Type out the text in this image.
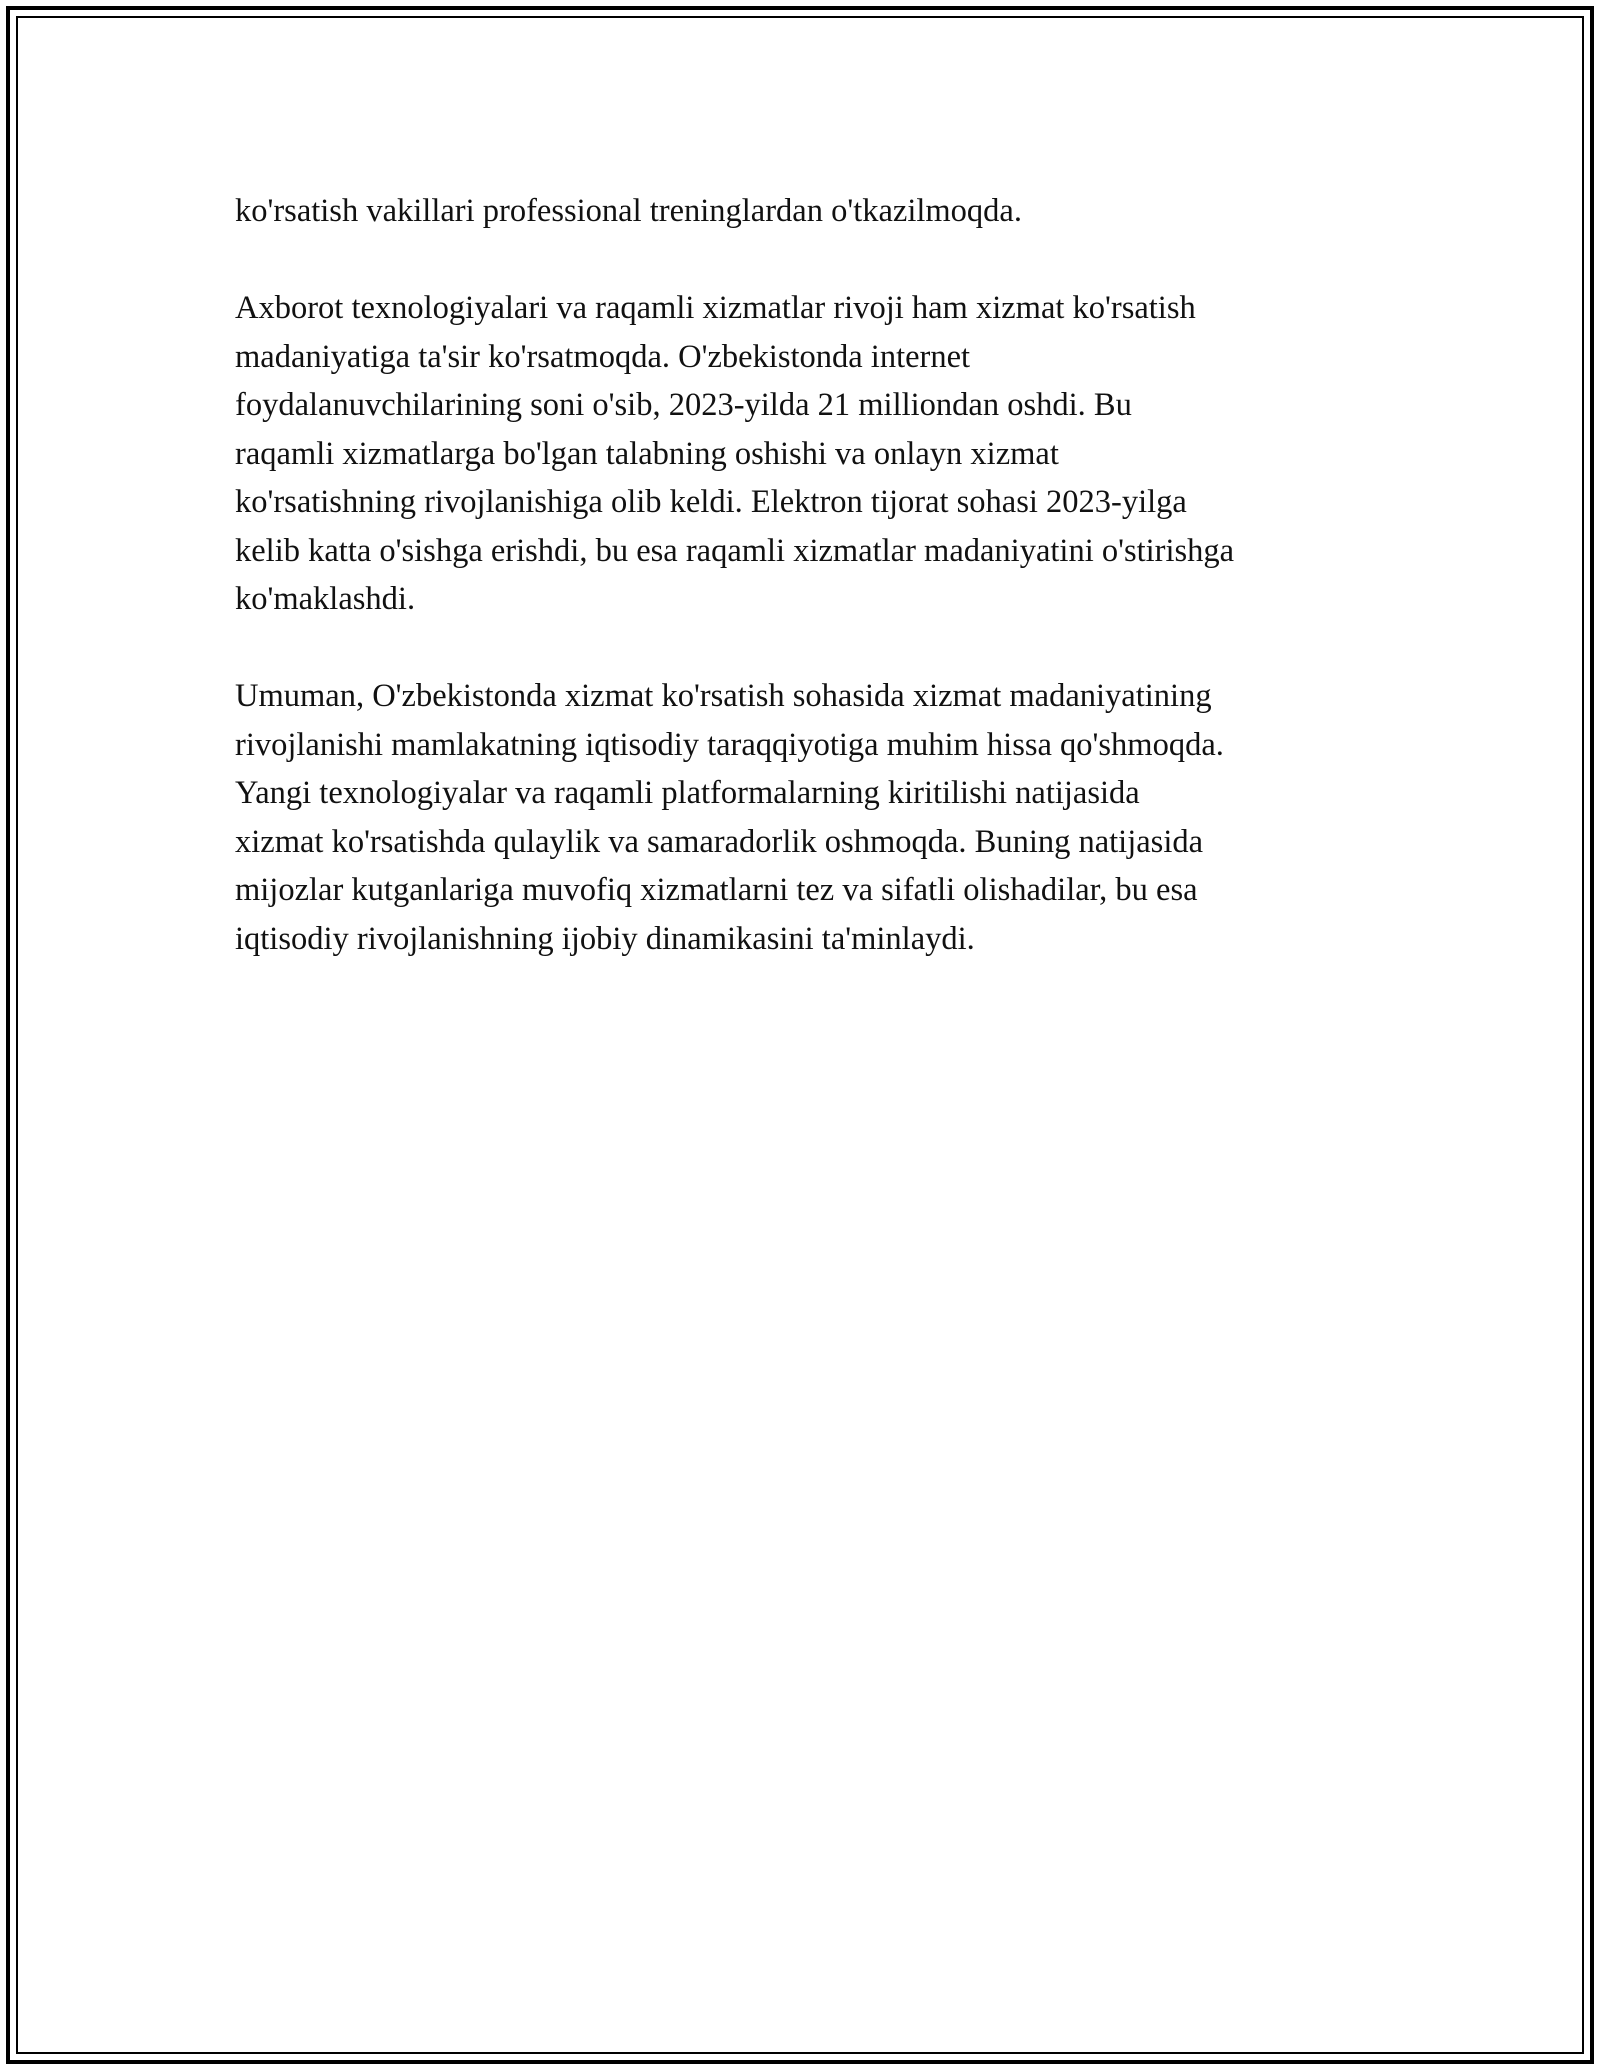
ko'rsatish vakillari professional treninglardan o'tkazilmoqda.

Axborot texnologiyalari va raqamli xizmatlar rivoji ham xizmat ko'rsatish
madaniyatiga ta'sir ko'rsatmoqda. O'zbekistonda internet
foydalanuvchilarining soni o'sib, 2023-yilda 21 milliondan oshdi. Bu
raqamli xizmatlarga bo'lgan talabning oshishi va onlayn xizmat
ko'rsatishning rivojlanishiga olib keldi. Elektron tijorat sohasi 2023-yilga
kelib katta o'sishga erishdi, bu esa raqamli xizmatlar madaniyatini o'stirishga
ko'maklashdi.

Umuman, O'zbekistonda xizmat ko'rsatish sohasida xizmat madaniyatining
rivojlanishi mamlakatning iqtisodiy taraqqiyotiga muhim hissa qo'shmoqda.
Yangi texnologiyalar va raqamli platformalarning kiritilishi natijasida
xizmat ko'rsatishda qulaylik va samaradorlik oshmoqda. Buning natijasida
mijozlar kutganlariga muvofiq xizmatlarni tez va sifatli olishadilar, bu esa
iqtisodiy rivojlanishning ijobiy dinamikasini ta'minlaydi.
